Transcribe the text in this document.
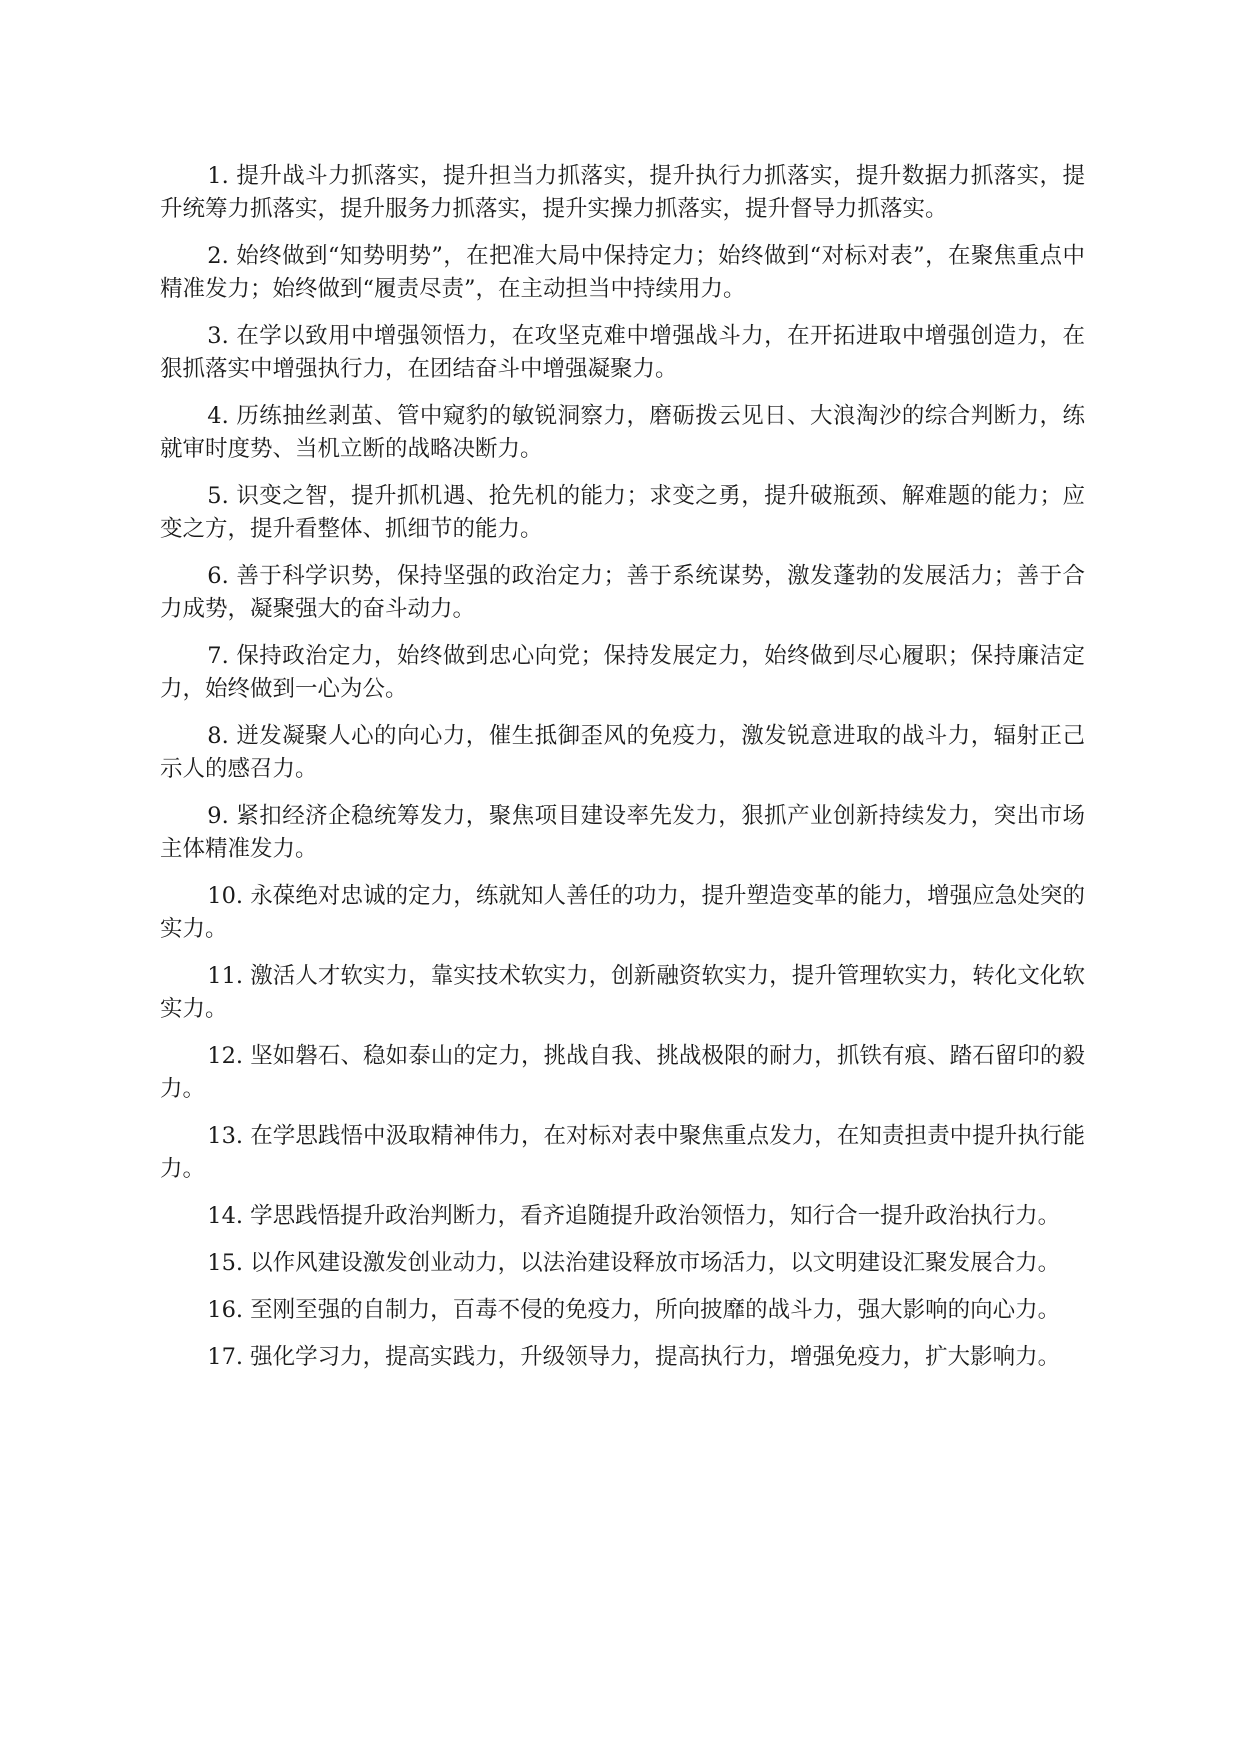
1. 提升战斗力抓落实，提升担当力抓落实，提升执行力抓落实，提升数据力抓落实，提升统筹力抓落实，提升服务力抓落实，提升实操力抓落实，提升督导力抓落实。

2. 始终做到“知势明势”，在把准大局中保持定力；始终做到“对标对表”，在聚焦重点中精准发力；始终做到“履责尽责”，在主动担当中持续用力。

3. 在学以致用中增强领悟力，在攻坚克难中增强战斗力，在开拓进取中增强创造力，在狠抓落实中增强执行力，在团结奋斗中增强凝聚力。

4. 历练抽丝剥茧、管中窥豹的敏锐洞察力，磨砺拨云见日、大浪淘沙的综合判断力，练就审时度势、当机立断的战略决断力。

5. 识变之智，提升抓机遇、抢先机的能力；求变之勇，提升破瓶颈、解难题的能力；应变之方，提升看整体、抓细节的能力。

6. 善于科学识势，保持坚强的政治定力；善于系统谋势，激发蓬勃的发展活力；善于合力成势，凝聚强大的奋斗动力。

7. 保持政治定力，始终做到忠心向党；保持发展定力，始终做到尽心履职；保持廉洁定力，始终做到一心为公。

8. 迸发凝聚人心的向心力，催生抵御歪风的免疫力，激发锐意进取的战斗力，辐射正己示人的感召力。

9. 紧扣经济企稳统筹发力，聚焦项目建设率先发力，狠抓产业创新持续发力，突出市场主体精准发力。

10. 永葆绝对忠诚的定力，练就知人善任的功力，提升塑造变革的能力，增强应急处突的实力。

11. 激活人才软实力，靠实技术软实力，创新融资软实力，提升管理软实力，转化文化软实力。

12. 坚如磐石、稳如泰山的定力，挑战自我、挑战极限的耐力，抓铁有痕、踏石留印的毅力。

13. 在学思践悟中汲取精神伟力，在对标对表中聚焦重点发力，在知责担责中提升执行能力。

14. 学思践悟提升政治判断力，看齐追随提升政治领悟力，知行合一提升政治执行力。

15. 以作风建设激发创业动力，以法治建设释放市场活力，以文明建设汇聚发展合力。

16. 至刚至强的自制力，百毒不侵的免疫力，所向披靡的战斗力，强大影响的向心力。

17. 强化学习力，提高实践力，升级领导力，提高执行力，增强免疫力，扩大影响力。
